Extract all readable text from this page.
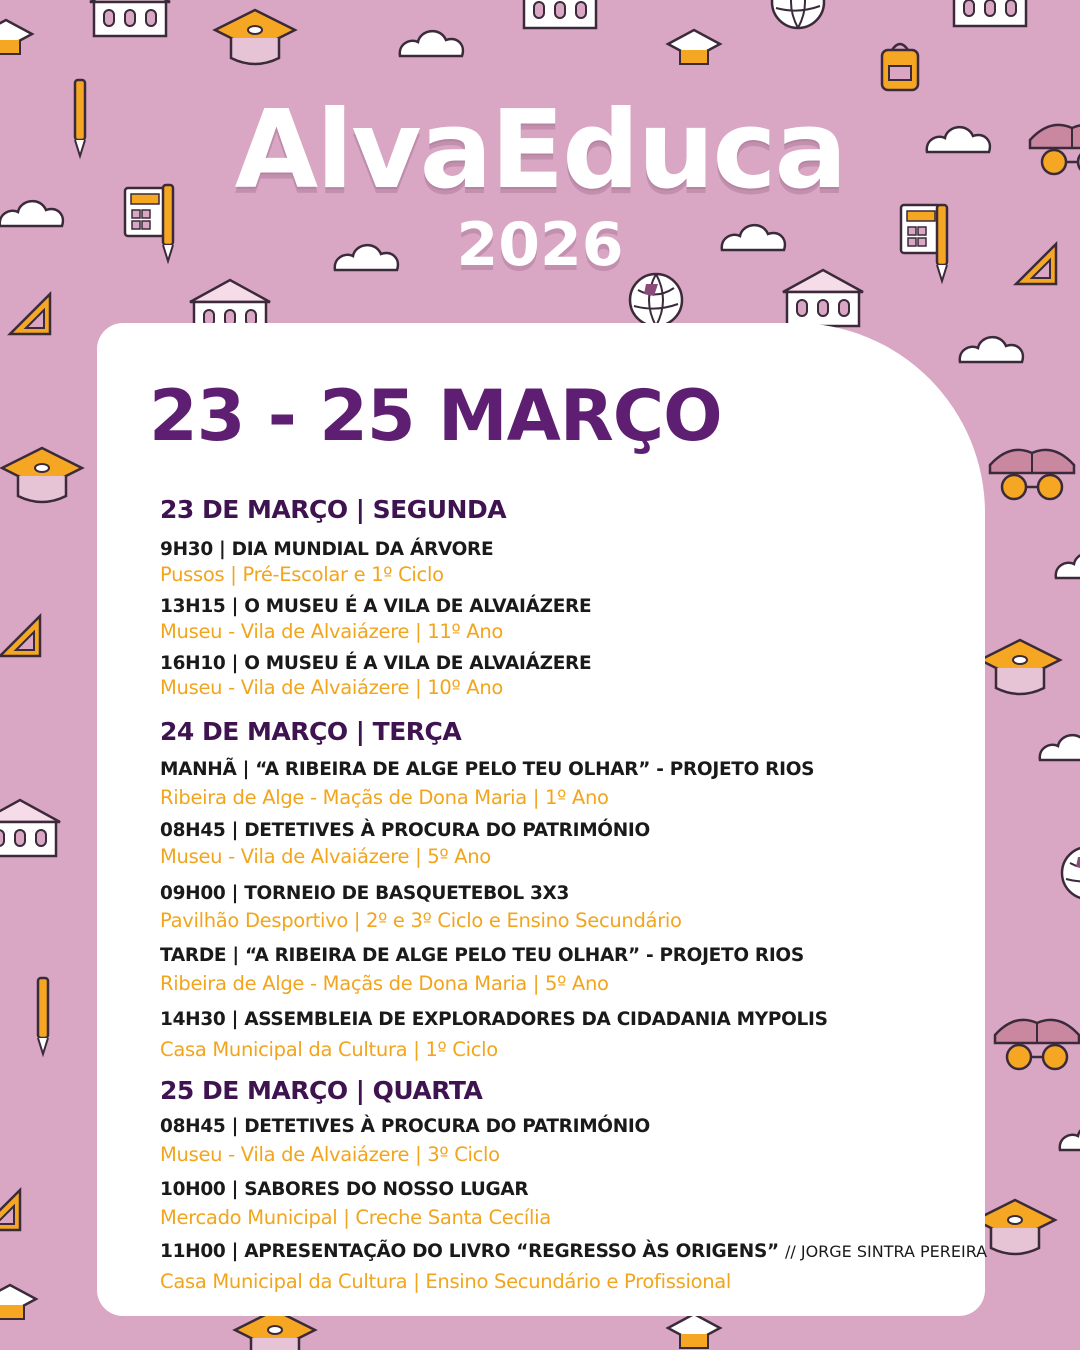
AlvaEduca
2026
23 - 25 MARÇO
23 DE MARÇO | SEGUNDA
9H30 | DIA MUNDIAL DA ÁRVORE
Pussos | Pré-Escolar e 1º Ciclo
13H15 | O MUSEU É A VILA DE ALVAIÁZERE
Museu - Vila de Alvaiázere | 11º Ano
16H10 | O MUSEU É A VILA DE ALVAIÁZERE
Museu - Vila de Alvaiázere | 10º Ano
24 DE MARÇO | TERÇA
MANHÃ | “A RIBEIRA DE ALGE PELO TEU OLHAR” - PROJETO RIOS
Ribeira de Alge - Maçãs de Dona Maria | 1º Ano
08H45 | DETETIVES À PROCURA DO PATRIMÓNIO
Museu - Vila de Alvaiázere | 5º Ano
09H00 | TORNEIO DE BASQUETEBOL 3X3
Pavilhão Desportivo | 2º e 3º Ciclo e Ensino Secundário
TARDE | “A RIBEIRA DE ALGE PELO TEU OLHAR” - PROJETO RIOS
Ribeira de Alge - Maçãs de Dona Maria | 5º Ano
14H30 | ASSEMBLEIA DE EXPLORADORES DA CIDADANIA MYPOLIS
Casa Municipal da Cultura | 1º Ciclo
25 DE MARÇO | QUARTA
08H45 | DETETIVES À PROCURA DO PATRIMÓNIO
Museu - Vila de Alvaiázere | 3º Ciclo
10H00 | SABORES DO NOSSO LUGAR
Mercado Municipal | Creche Santa Cecília
11H00 | APRESENTAÇÃO DO LIVRO “REGRESSO ÀS ORIGENS” // JORGE SINTRA PEREIRA
Casa Municipal da Cultura | Ensino Secundário e Profissional
